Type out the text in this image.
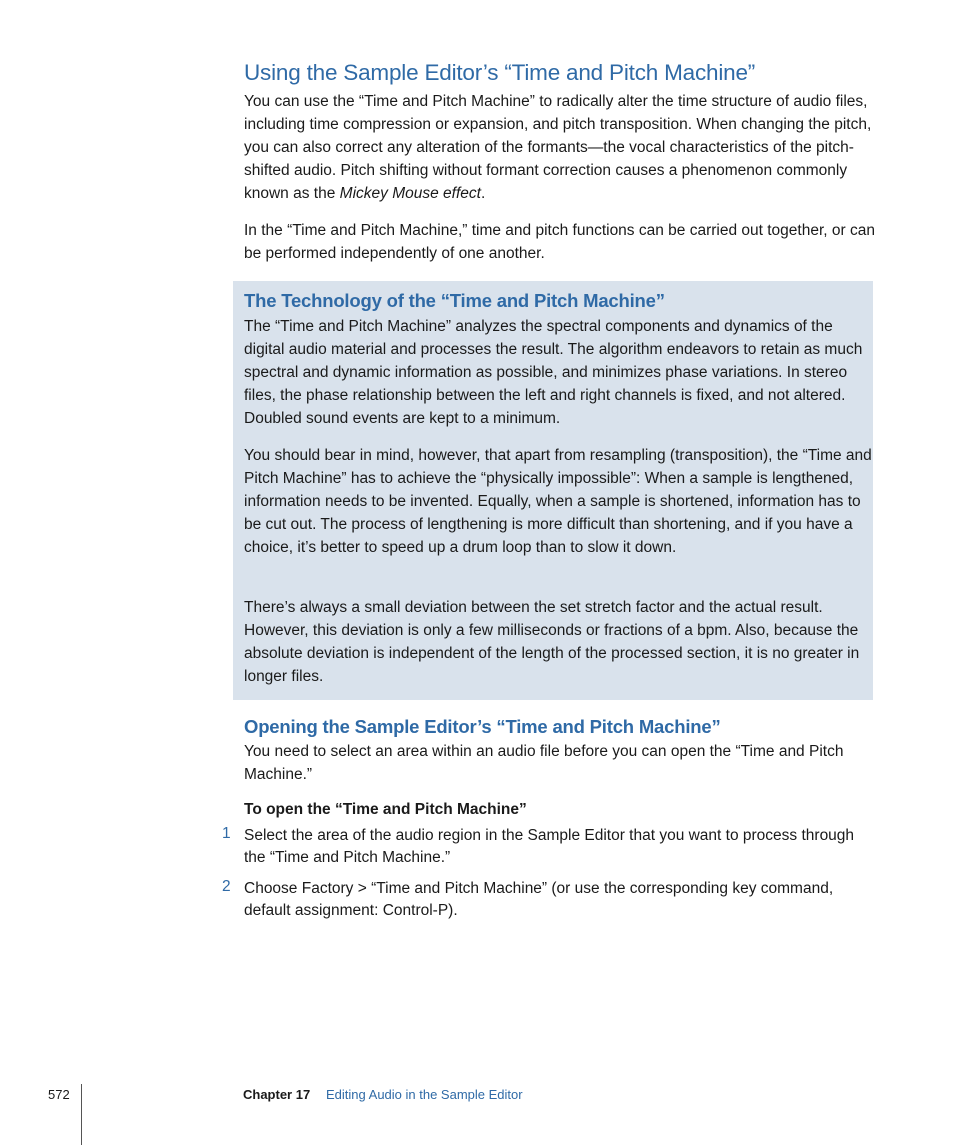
Using the Sample Editor’s “Time and Pitch Machine”

You can use the “Time and Pitch Machine” to radically alter the time structure of audio files, including time compression or expansion, and pitch transposition. When changing the pitch, you can also correct any alteration of the formants—the vocal characteristics of the pitch-shifted audio. Pitch shifting without formant correction causes a phenomenon commonly known as the Mickey Mouse effect.

In the “Time and Pitch Machine,” time and pitch functions can be carried out together, or can be performed independently of one another.

The Technology of the “Time and Pitch Machine”

The “Time and Pitch Machine” analyzes the spectral components and dynamics of the digital audio material and processes the result. The algorithm endeavors to retain as much spectral and dynamic information as possible, and minimizes phase variations. In stereo files, the phase relationship between the left and right channels is fixed, and not altered. Doubled sound events are kept to a minimum.

You should bear in mind, however, that apart from resampling (transposition), the “Time and Pitch Machine” has to achieve the “physically impossible”: When a sample is lengthened, information needs to be invented. Equally, when a sample is shortened, information has to be cut out. The process of lengthening is more difficult than shortening, and if you have a choice, it’s better to speed up a drum loop than to slow it down.

There’s always a small deviation between the set stretch factor and the actual result. However, this deviation is only a few milliseconds or fractions of a bpm. Also, because the absolute deviation is independent of the length of the processed section, it is no greater in longer files.

Opening the Sample Editor’s “Time and Pitch Machine”

You need to select an area within an audio file before you can open the “Time and Pitch Machine.”

To open the “Time and Pitch Machine”
1 Select the area of the audio region in the Sample Editor that you want to process through the “Time and Pitch Machine.”

2 Choose Factory > “Time and Pitch Machine” (or use the corresponding key command, default assignment: Control-P).

572	Chapter 17 Editing Audio in the Sample Editor
